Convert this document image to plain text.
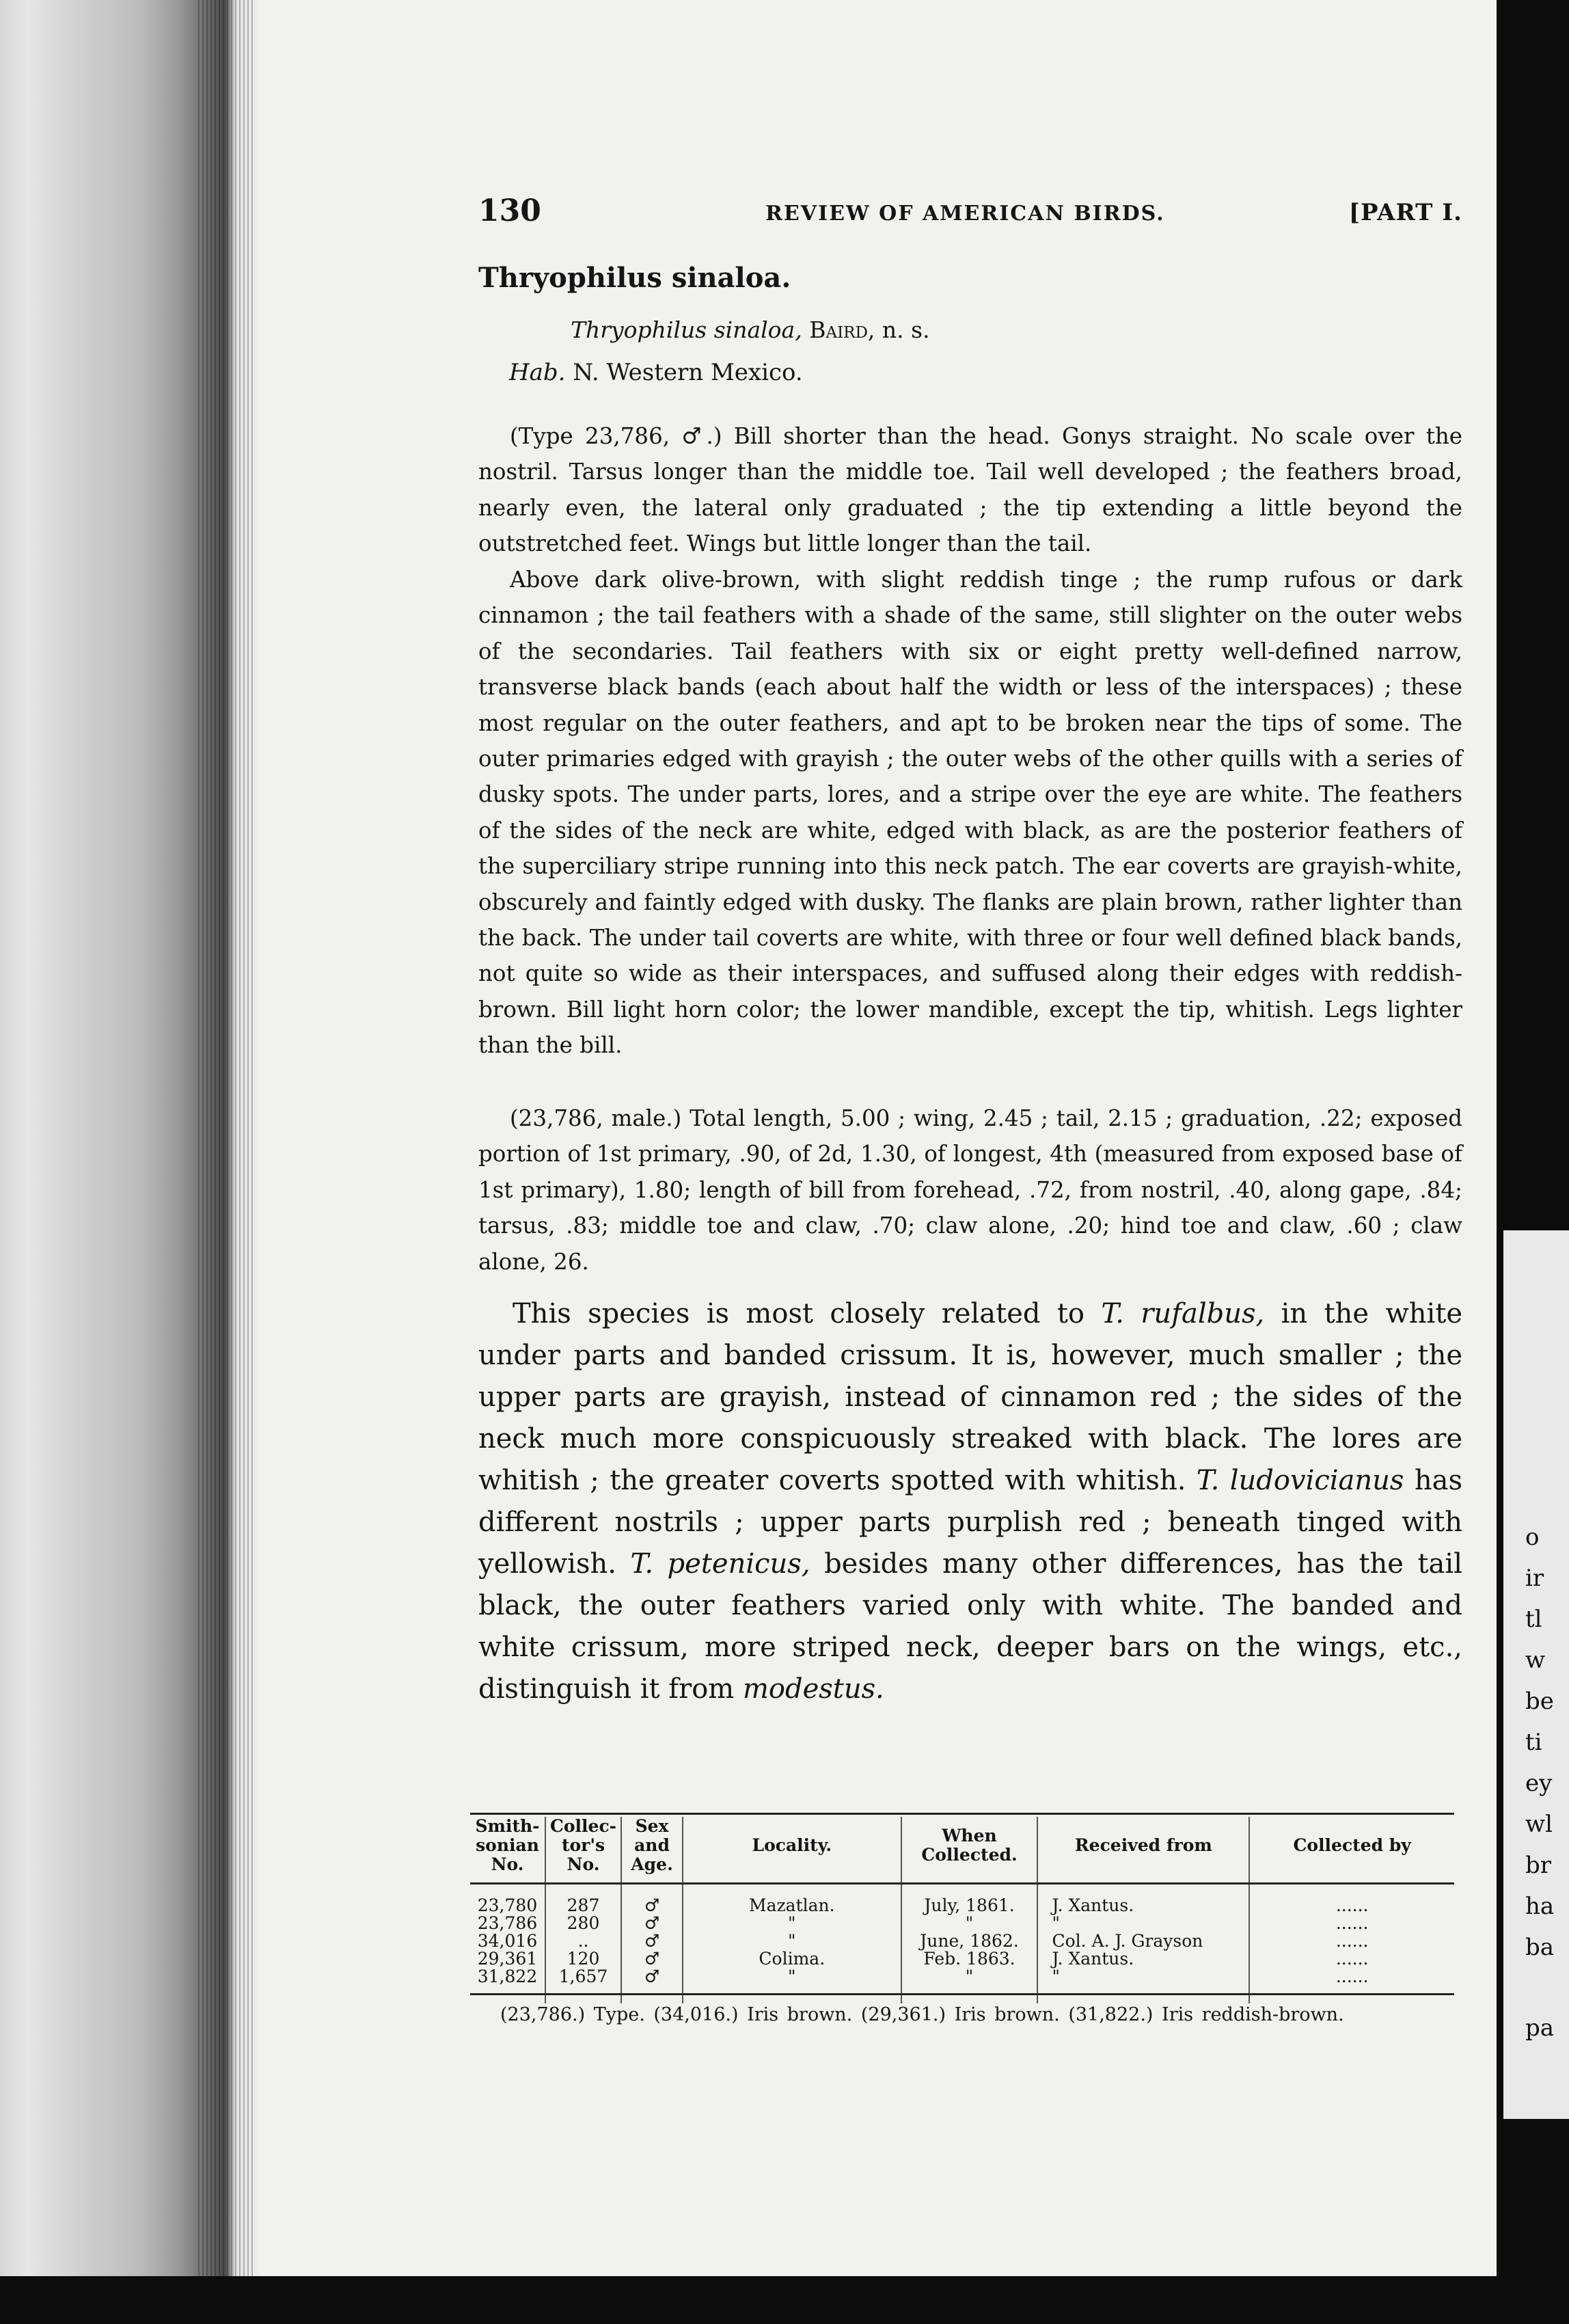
o
ir
tl
w
be
ti
ey
wl
br
ha
ba
pa
130	REVIEW OF AMERICAN BIRDS.	[PART I.
Thryophilus sinaloa.
Thryophilus sinaloa, Baird, n. s.
Hab. N. Western Mexico.

(Type 23,786, ♂.) Bill shorter than the head. Gonys straight. No scale over the nostril. Tarsus longer than the middle toe. Tail well developed ; the feathers broad, nearly even, the lateral only graduated ; the tip extending a little beyond the outstretched feet. Wings but little longer than the tail.

Above dark olive-brown, with slight reddish tinge ; the rump rufous or dark cinnamon ; the tail feathers with a shade of the same, still slighter on the outer webs of the secondaries. Tail feathers with six or eight pretty well-defined narrow, transverse black bands (each about half the width or less of the interspaces) ; these most regular on the outer feathers, and apt to be broken near the tips of some. The outer primaries edged with grayish ; the outer webs of the other quills with a series of dusky spots. The under parts, lores, and a stripe over the eye are white. The feathers of the sides of the neck are white, edged with black, as are the posterior feathers of the superciliary stripe running into this neck patch. The ear coverts are grayish-white, obscurely and faintly edged with dusky. The flanks are plain brown, rather lighter than the back. The under tail coverts are white, with three or four well defined black bands, not quite so wide as their interspaces, and suffused along their edges with reddish-brown. Bill light horn color; the lower mandible, except the tip, whitish. Legs lighter than the bill.

(23,786, male.) Total length, 5.00 ; wing, 2.45 ; tail, 2.15 ; graduation, .22; exposed portion of 1st primary, .90, of 2d, 1.30, of longest, 4th (measured from exposed base of 1st primary), 1.80; length of bill from forehead, .72, from nostril, .40, along gape, .84; tarsus, .83; middle toe and claw, .70; claw alone, .20; hind toe and claw, .60 ; claw alone, 26.

This species is most closely related to T. rufalbus, in the white under parts and banded crissum. It is, however, much smaller ; the upper parts are grayish, instead of cinnamon red ; the sides of the neck much more conspicuously streaked with black. The lores are whitish ; the greater coverts spotted with whitish. T. ludovicianus has different nostrils ; upper parts purplish red ; beneath tinged with yellowish. T. petenicus, besides many other differences, has the tail black, the outer feathers varied only with white. The banded and white crissum, more striped neck, deeper bars on the wings, etc., distinguish it from modestus.

Smith-sonian No.	Collec-tor's No.	Sex and Age.	Locality.	When Collected.	Received from	Collected by
23,780	287	♂	Mazatlan.	July, 1861.	J. Xantus.	......
23,786	280	♂	"	"	"	......
34,016	..	♂	"	June, 1862.	Col. A. J. Grayson	......
29,361	120	♂	Colima.	Feb. 1863.	J. Xantus.	......
31,822	1,657	♂	"	"	"	......
(23,786.) Type. (34,016.) Iris brown. (29,361.) Iris brown. (31,822.) Iris reddish-brown.
